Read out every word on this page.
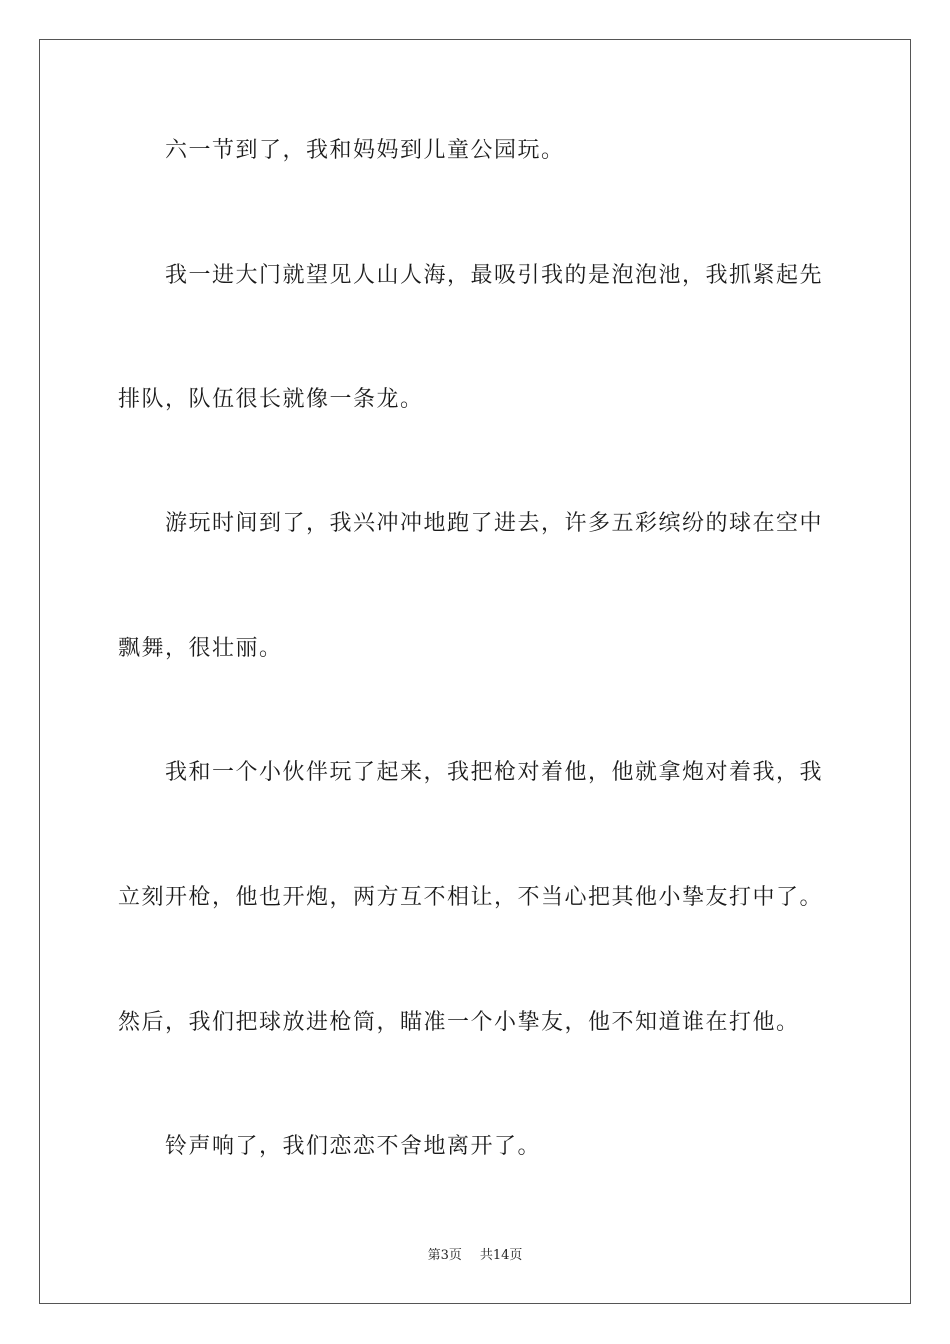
六一节到了，我和妈妈到儿童公园玩。
我一进大门就望见人山人海，最吸引我的是泡泡池，我抓紧起先
排队，队伍很长就像一条龙。
游玩时间到了，我兴冲冲地跑了进去，许多五彩缤纷的球在空中
飘舞，很壮丽。
我和一个小伙伴玩了起来，我把枪对着他，他就拿炮对着我，我
立刻开枪，他也开炮，两方互不相让，不当心把其他小挚友打中了。
然后，我们把球放进枪筒，瞄准一个小挚友，他不知道谁在打他。
铃声响了，我们恋恋不舍地离开了。
第3页 共14页
